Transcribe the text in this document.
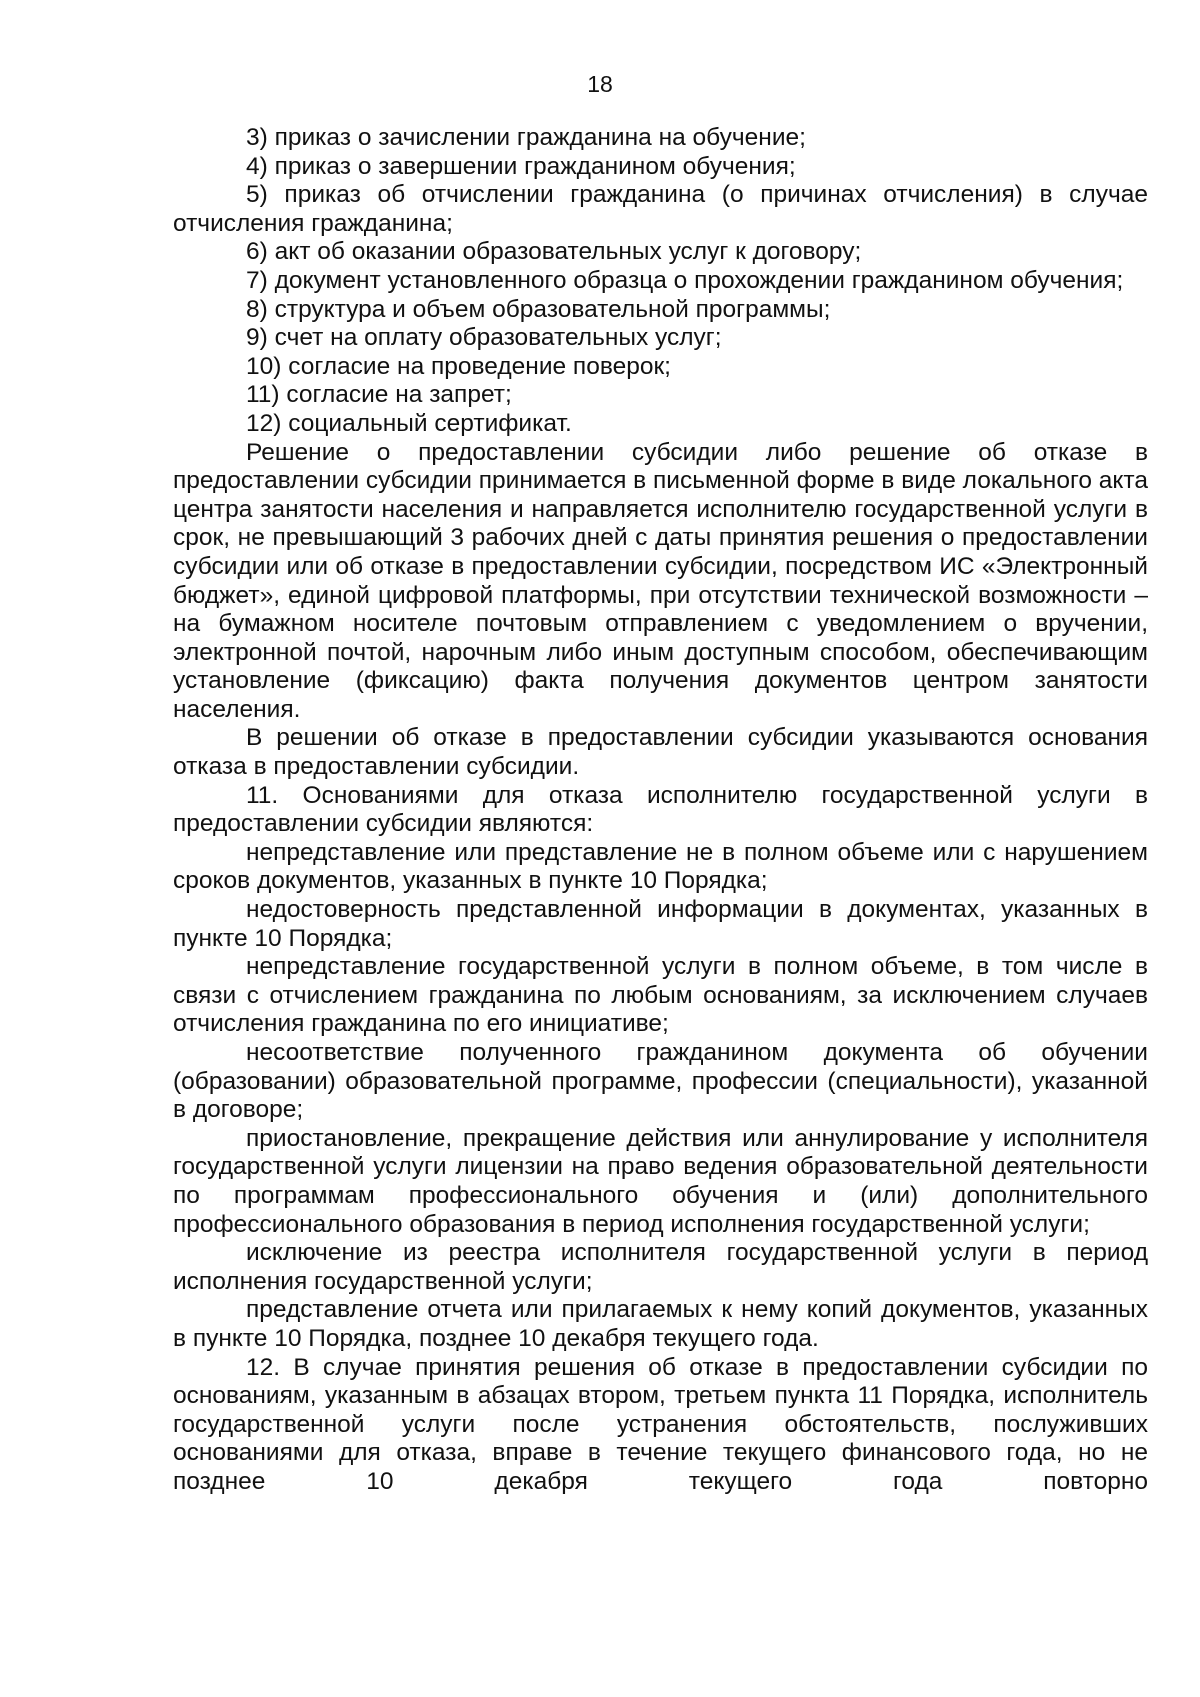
18

3) приказ о зачислении гражданина на обучение;

4) приказ о завершении гражданином обучения;

5) приказ об отчислении гражданина (о причинах отчисления) в случае отчисления гражданина;

6) акт об оказании образовательных услуг к договору;

7) документ установленного образца о прохождении гражданином обучения;

8) структура и объем образовательной программы;

9) счет на оплату образовательных услуг;

10) согласие на проведение поверок;

11) согласие на запрет;

12) социальный сертификат.

Решение о предоставлении субсидии либо решение об отказе в предоставлении субсидии принимается в письменной форме в виде локального акта центра занятости населения и направляется исполнителю государственной услуги в срок, не превышающий 3 рабочих дней с даты принятия решения о предоставлении субсидии или об отказе в предоставлении субсидии, посредством ИС «Электронный бюджет», единой цифровой платформы, при отсутствии технической возможности – на бумажном носителе почтовым отправлением с уведомлением о вручении, электронной почтой, нарочным либо иным доступным способом, обеспечивающим установление (фиксацию) факта получения документов центром занятости населения.

В решении об отказе в предоставлении субсидии указываются основания отказа в предоставлении субсидии.

11. Основаниями для отказа исполнителю государственной услуги в предоставлении субсидии являются:

непредставление или представление не в полном объеме или с нарушением сроков документов, указанных в пункте 10 Порядка;

недостоверность представленной информации в документах, указанных в пункте 10 Порядка;

непредставление государственной услуги в полном объеме, в том числе в связи с отчислением гражданина по любым основаниям, за исключением случаев отчисления гражданина по его инициативе;

несоответствие полученного гражданином документа об обучении (образовании) образовательной программе, профессии (специальности), указанной в договоре;

приостановление, прекращение действия или аннулирование у исполнителя государственной услуги лицензии на право ведения образовательной деятельности по программам профессионального обучения и (или) дополнительного профессионального образования в период исполнения государственной услуги;

исключение из реестра исполнителя государственной услуги в период исполнения государственной услуги;

представление отчета или прилагаемых к нему копий документов, указанных в пункте 10 Порядка, позднее 10 декабря текущего года.

12. В случае принятия решения об отказе в предоставлении субсидии по основаниям, указанным в абзацах втором, третьем пункта 11 Порядка, исполнитель государственной услуги после устранения обстоятельств, послуживших основаниями для отказа, вправе в течение текущего финансового года, но не позднее 10 декабря текущего года повторно
